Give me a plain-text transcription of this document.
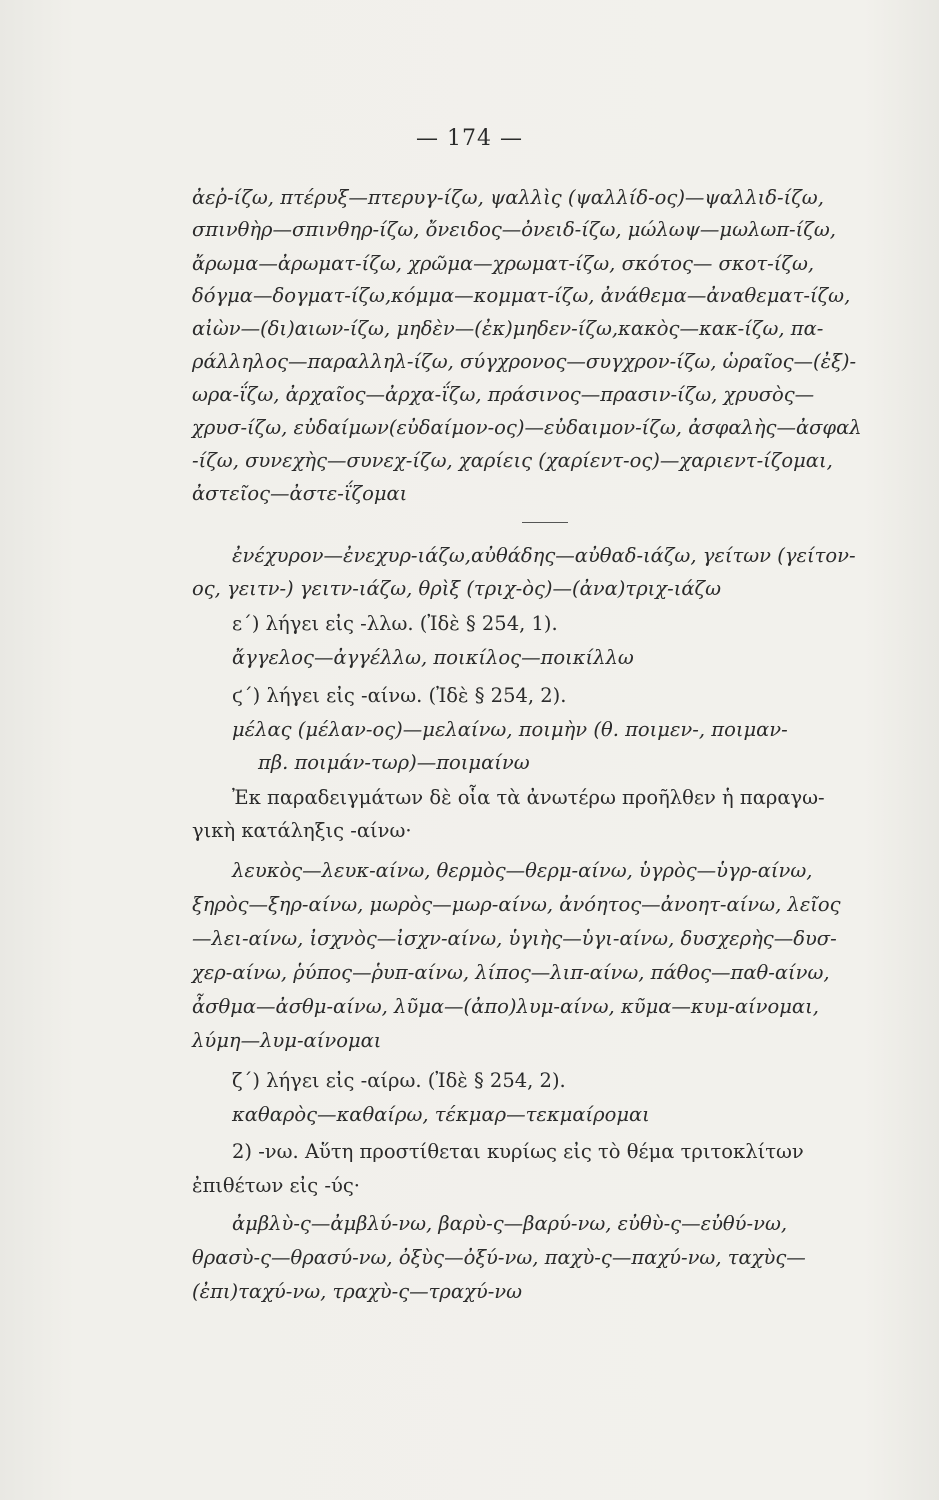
— 174 —
ἀεῤ-ίζω, πτέρυξ—πτερυγ-ίζω, ψαλλὶς (ψαλλίδ-ος)—ψαλλιδ-ίζω,
σπινθὴρ—σπινθηρ-ίζω, ὄνειδος—ὀνειδ-ίζω, μώλωψ—μωλωπ-ίζω,
ἄρωμα—ἀρωματ-ίζω, χρῶμα—χρωματ-ίζω, σκότος— σκοτ-ίζω,
δόγμα—δογματ-ίζω,κόμμα—κομματ-ίζω, ἀνάθεμα—ἀναθεματ-ίζω,
αἰὼν—(δι)αιων-ίζω, μηδὲν—(ἐκ)μηδεν-ίζω,κακὸς—κακ-ίζω, πα-
ράλληλος—παραλληλ-ίζω, σύγχρονος—συγχρον-ίζω, ὡραῖος—(ἐξ)-
ωρα-ΐζω, ἀρχαῖος—ἀρχα-ΐζω, πράσινος—πρασιν-ίζω, χρυσὸς—
χρυσ-ίζω, εὐδαίμων(εὐδαίμον-ος)—εὐδαιμον-ίζω, ἀσφαλὴς—ἀσφαλ
-ίζω, συνεχὴς—συνεχ-ίζω, χαρίεις (χαρίεντ-ος)—χαριεντ-ίζομαι,
ἀστεῖος—ἀστε-ΐζομαι
ἐνέχυρον—ἐνεχυρ-ιάζω,αὐθάδης—αὐθαδ-ιάζω, γείτων (γείτον-
ος, γειτν-) γειτν-ιάζω, θρὶξ (τριχ-ὸς)—(ἀνα)τριχ-ιάζω
ε΄) λήγει εἰς -λλω. (Ἰδὲ § 254, 1).
ἄγγελος—ἀγγέλλω, ποικίλος—ποικίλλω
ϛ΄) λήγει εἰς -αίνω. (Ἰδὲ § 254, 2).
μέλας (μέλαν-ος)—μελαίνω, ποιμὴν (θ. ποιμεν-, ποιμαν-
πβ. ποιμάν-τωρ)—ποιμαίνω
Ἐκ παραδειγμάτων δὲ οἷα τὰ ἀνωτέρω προῆλθεν ἡ παραγω-
γικὴ κατάληξις -αίνω·
λευκὸς—λευκ-αίνω, θερμὸς—θερμ-αίνω, ὑγρὸς—ὑγρ-αίνω,
ξηρὸς—ξηρ-αίνω, μωρὸς—μωρ-αίνω, ἀνόητος—ἀνοητ-αίνω, λεῖος
—λει-αίνω, ἰσχνὸς—ἰσχν-αίνω, ὑγιὴς—ὑγι-αίνω, δυσχερὴς—δυσ-
χερ-αίνω, ῥύπος—ῥυπ-αίνω, λίπος—λιπ-αίνω, πάθος—παθ-αίνω,
ἆσθμα—ἀσθμ-αίνω, λῦμα—(ἀπο)λυμ-αίνω, κῦμα—κυμ-αίνομαι,
λύμη—λυμ-αίνομαι
ζ΄) λήγει εἰς -αίρω. (Ἰδὲ § 254, 2).
καθαρὸς—καθαίρω, τέκμαρ—τεκμαίρομαι
2) -νω. Αὕτη προστίθεται κυρίως εἰς τὸ θέμα τριτοκλίτων
ἐπιθέτων εἰς -ύς·
ἀμβλὺ-ς—ἀμβλύ-νω, βαρὺ-ς—βαρύ-νω, εὐθὺ-ς—εὐθύ-νω,
θρασὺ-ς—θρασύ-νω, ὀξὺς—ὀξύ-νω, παχὺ-ς—παχύ-νω, ταχὺς—
(ἐπι)ταχύ-νω, τραχὺ-ς—τραχύ-νω
